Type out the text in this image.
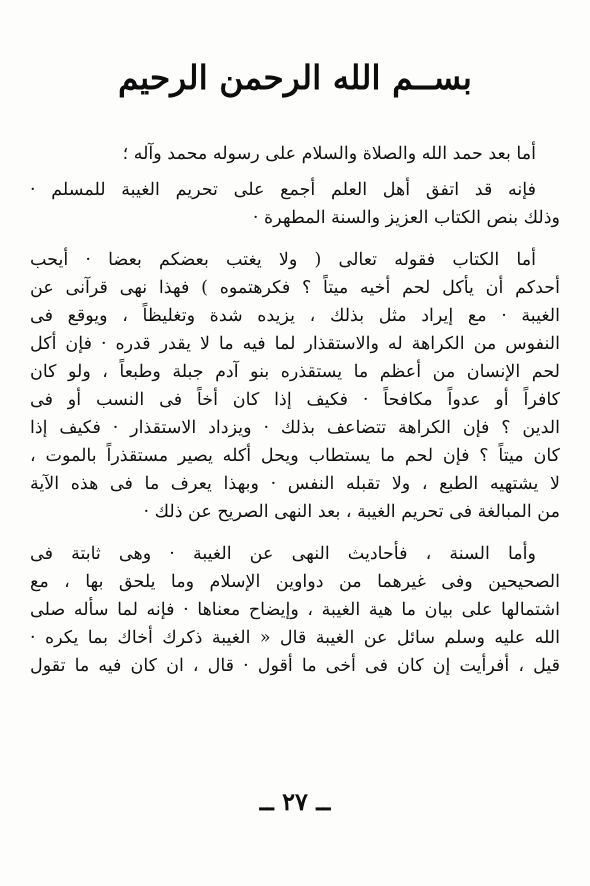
بســم الله الرحمن الرحيم
أما بعد حمد الله والصلاة والسلام على رسوله محمد وآله ؛
فإنه قد اتفق أهل العلم أجمع على تحريم الغيبة للمسلم ·
وذلك بنص الكتاب العزيز والسنة المطهرة ·
أما الكتاب فقوله تعالى ( ولا يغتب بعضكم بعضا · أيحب
أحدكم أن يأكل لحم أخيه ميتاً ؟ فكرهتموه ) فهذا نهى قرآنى عن
الغيبة · مع إيراد مثل بذلك ، يزيده شدة وتغليظاً ، ويوقع فى
النفوس من الكراهة له والاستقذار لما فيه ما لا يقدر قدره · فإن أكل
لحم الإنسان من أعظم ما يستقذره بنو آدم جبلة وطبعاً ، ولو كان
كافراً أو عدواً مكافحاً · فكيف إذا كان أخاً فى النسب أو فى
الدين ؟ فإن الكراهة تتضاعف بذلك · ويزداد الاستقذار · فكيف إذا
كان ميتاً ؟ فإن لحم ما يستطاب ويحل أكله يصير مستقذراً بالموت ،
لا يشتهيه الطبع ، ولا تقبله النفس · وبهذا يعرف ما فى هذه الآية
من المبالغة فى تحريم الغيبة ، بعد النهى الصريح عن ذلك ·
وأما السنة ، فأحاديث النهى عن الغيبة · وهى ثابتة فى
الصحيحين وفى غيرهما من دواوين الإسلام وما يلحق بها ، مع
اشتمالها على بيان ما هية الغيبة ، وإيضاح معناها · فإنه لما سأله صلى
الله عليه وسلم سائل عن الغيبة قال « الغيبة ذكرك أخاك بما يكره ·
قيل ، أفرأيت إن كان فى أخى ما أقول · قال ، ان كان فيه ما تقول
ــ ٢٧ ــ
